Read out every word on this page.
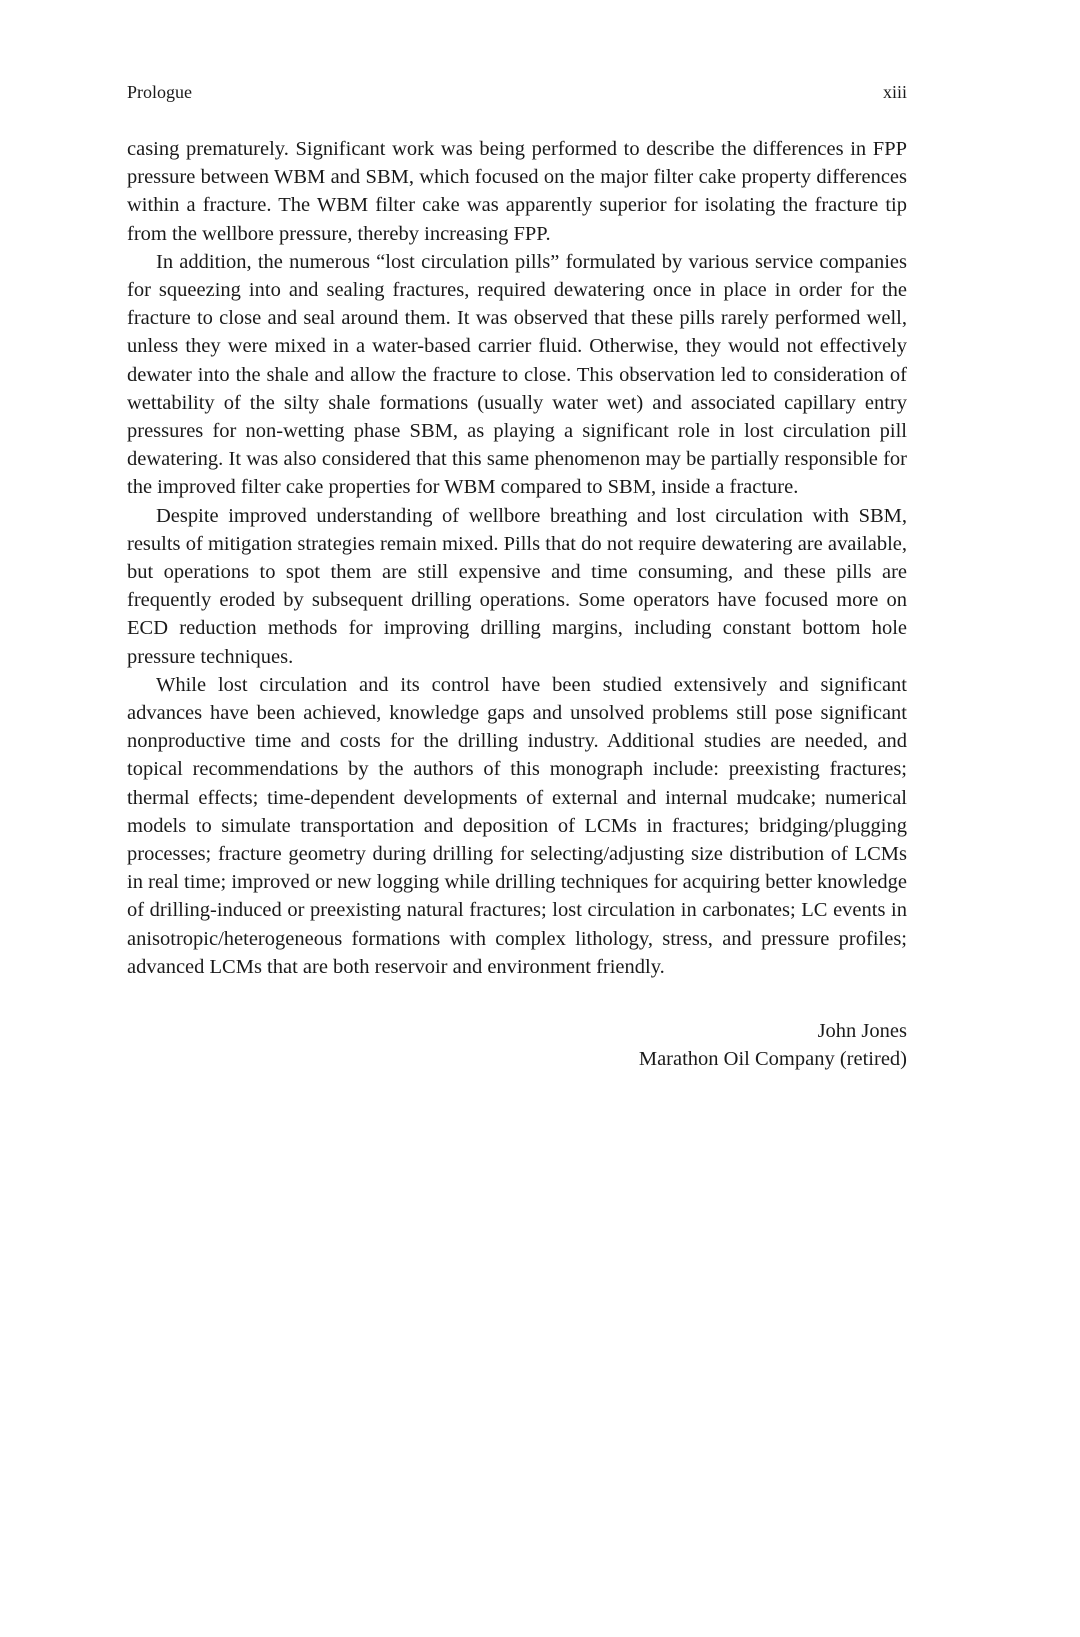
Prologue	xiii

casing prematurely. Significant work was being performed to describe the differences in FPP pressure between WBM and SBM, which focused on the major filter cake property differences within a fracture. The WBM filter cake was apparently superior for isolating the fracture tip from the wellbore pressure, thereby increasing FPP.

In addition, the numerous “lost circulation pills” formulated by various service companies for squeezing into and sealing fractures, required dewatering once in place in order for the fracture to close and seal around them. It was observed that these pills rarely performed well, unless they were mixed in a water-based carrier fluid. Otherwise, they would not effectively dewater into the shale and allow the fracture to close. This observation led to consideration of wettability of the silty shale formations (usually water wet) and associated capillary entry pressures for non-wetting phase SBM, as playing a significant role in lost circulation pill dewatering. It was also considered that this same phenomenon may be partially responsible for the improved filter cake properties for WBM compared to SBM, inside a fracture.

Despite improved understanding of wellbore breathing and lost circulation with SBM, results of mitigation strategies remain mixed. Pills that do not require dewatering are available, but operations to spot them are still expensive and time consuming, and these pills are frequently eroded by subsequent drilling operations. Some operators have focused more on ECD reduction methods for improving drilling margins, including constant bottom hole pressure techniques.

While lost circulation and its control have been studied extensively and significant advances have been achieved, knowledge gaps and unsolved problems still pose significant nonproductive time and costs for the drilling industry. Additional studies are needed, and topical recommendations by the authors of this monograph include: preexisting fractures; thermal effects; time-dependent developments of external and internal mudcake; numerical models to simulate transportation and deposition of LCMs in fractures; bridging/plugging processes; fracture geometry during drilling for selecting/adjusting size distribution of LCMs in real time; improved or new logging while drilling techniques for acquiring better knowledge of drilling-induced or preexisting natural fractures; lost circulation in carbonates; LC events in anisotropic/heterogeneous formations with complex lithology, stress, and pressure profiles; advanced LCMs that are both reservoir and environment friendly.

John Jones
Marathon Oil Company (retired)
